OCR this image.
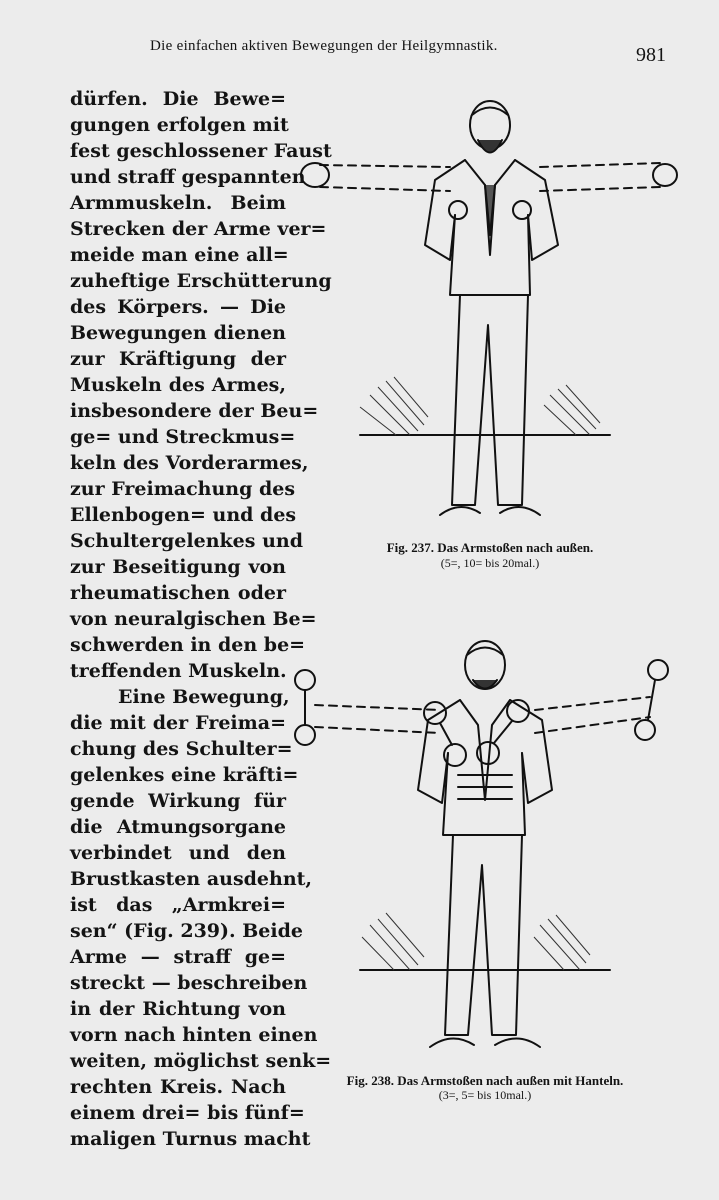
Die einfachen aktiven Bewegungen der Heilgymnastik.	981
dürfen. Die Bewe=
gungen erfolgen mit
fest geschlossener Faust
und straff gespannten
Armmuskeln. Beim
Strecken der Arme ver=
meide man eine all=
zuheftige Erschütterung
des Körpers. — Die
Bewegungen dienen
zur Kräftigung der
Muskeln des Armes,
insbesondere der Beu=
ge= und Streckmus=
keln des Vorderarmes,
zur Freimachung des
Ellenbogen= und des
Schultergelenkes und
zur Beseitigung von
rheumatischen oder
von neuralgischen Be=
schwerden in den be=
treffenden Muskeln.
Eine Bewegung,
die mit der Freima=
chung des Schulter=
gelenkes eine kräfti=
gende Wirkung für
die Atmungsorgane
verbindet und den
Brustkasten ausdehnt,
ist das „Armkrei=
sen“ (Fig. 239). Beide
Arme — straff ge=
streckt — beschreiben
in der Richtung von
vorn nach hinten einen
weiten, möglichst senk=
rechten Kreis. Nach
einem drei= bis fünf=
maligen Turnus macht
Fig. 237. Das Armstoßen nach außen.
(5=, 10= bis 20mal.)
Fig. 238. Das Armstoßen nach außen mit Hanteln.
(3=, 5= bis 10mal.)
